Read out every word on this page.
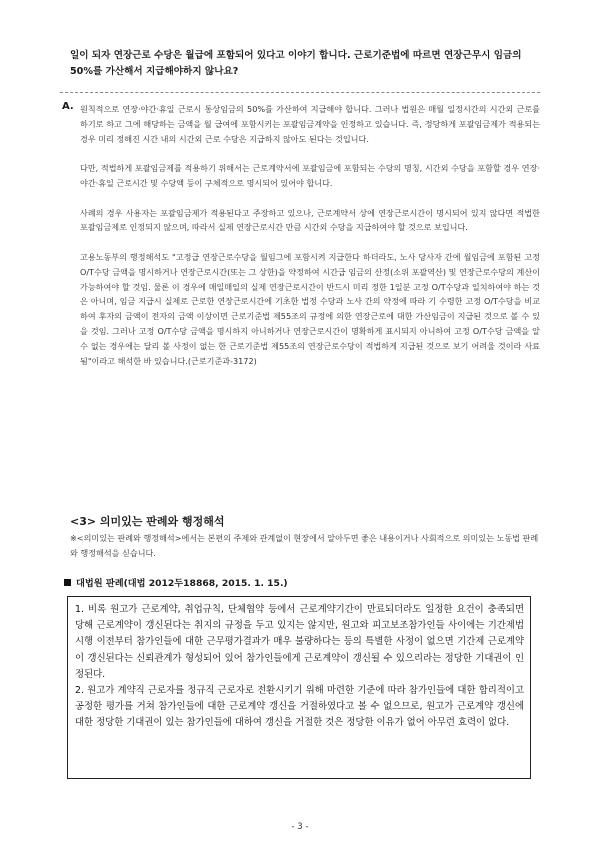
일이 되자 연장근로 수당은 월급에 포함되어 있다고 이야기 합니다. 근로기준법에 따르면 연장근무시 임금의 50%를 가산해서 지급해야하지 않나요?
A. 원칙적으로 연장·야간·휴일 근로시 통상임금의 50%를 가산하여 지급해야 합니다. 그러나 법원은 매월 일정시간의 시간외 근로를 하기로 하고 그에 해당하는 금액을 월 급여에 포함시키는 포괄임금계약을 인정하고 있습니다. 즉, 정당하게 포괄임금제가 적용되는 경우 미리 정해진 시간 내의 시간외 근로 수당은 지급하지 않아도 된다는 것입니다.

다만, 적법하게 포괄임금제를 적용하기 위해서는 근로계약서에 포괄임금에 포함되는 수당의 명칭, 시간외 수당을 포함할 경우 연장·야간·휴일 근로시간 및 수당액 등이 구체적으로 명시되어 있어야 합니다.

사례의 경우 사용자는 포괄임금제가 적용된다고 주장하고 있으나, 근로계약서 상에 연장근로시간이 명시되어 있지 않다면 적법한 포괄임금제로 인정되지 않으며, 따라서 실제 연장근로시간 만큼 시간외 수당을 지급하여야 할 것으로 보입니다.

고용노동부의 행정해석도 "고정급 연장근로수당을 월임그에 포함시켜 지급한다 하더라도, 노사 당사자 간에 월임금에 포함된 고정 O/T수당 금액을 명시하거나 연장근로시간(또는 그 상한)을 약정하여 시간급 임금의 산정(소위 포괄역산) 및 연장근로수당의 계산이 가능하여야 할 것임. 물론 이 경우에 매일매일의 실제 연장근로시간이 반드시 미리 정한 1일분 고정 O/T수당과 일치하여야 하는 것은 아니며, 임금 지급시 실제로 근로한 연장근로시간에 기초한 법정 수당과 노사 간의 약정에 따라 기 수령한 고정 O/T수당을 비교하여 후자의 금액이 전자의 금액 이상이면 근로기준법 제55조의 규정에 의한 연장근로에 대한 가산임금이 지급된 것으로 볼 수 있을 것임. 그러나 고정 O/T수당 금액을 명시하지 아니하거나 연장근로시간이 명확하게 표시되지 아니하여 고정 O/T수당 금액을 알 수 없는 경우에는 달리 볼 사정이 없는 한 근로기준법 제55조의 연장근로수당이 적법하게 지급된 것으로 보기 어려울 것이라 사료됨"이라고 해석한 바 있습니다.(근로기준과-3172)

<3> 의미있는 판례와 행정해석
※<의미있는 판례와 행정해석>에서는 본편의 주제와 관계없이 현장에서 알아두면 좋은 내용이거나 사회적으로 의미있는 노동법 판례와 행정해석을 싣습니다.
대법원 판례(대법 2012두18868, 2015. 1. 15.)

1. 비록 원고가 근로계약, 취업규칙, 단체협약 등에서 근로계약기간이 만료되더라도 일정한 요건이 충족되면 당해 근로계약이 갱신된다는 취지의 규정을 두고 있지는 않지만, 원고와 피고보조참가인들 사이에는 기간제법 시행 이전부터 참가인들에 대한 근무평가결과가 매우 불량하다는 등의 특별한 사정이 없으면 기간제 근로계약이 갱신된다는 신뢰관계가 형성되어 있어 참가인들에게 근로계약이 갱신될 수 있으리라는 정당한 기대권이 인정된다.

2. 원고가 계약직 근로자를 정규직 근로자로 전환시키기 위해 마련한 기준에 따라 참가인들에 대한 합리적이고 공정한 평가를 거쳐 참가인들에 대한 근로계약 갱신을 거절하였다고 볼 수 없으므로, 원고가 근로계약 갱신에 대한 정당한 기대권이 있는 참가인들에 대하여 갱신을 거절한 것은 정당한 이유가 없어 아무런 효력이 없다.

- 3 -
